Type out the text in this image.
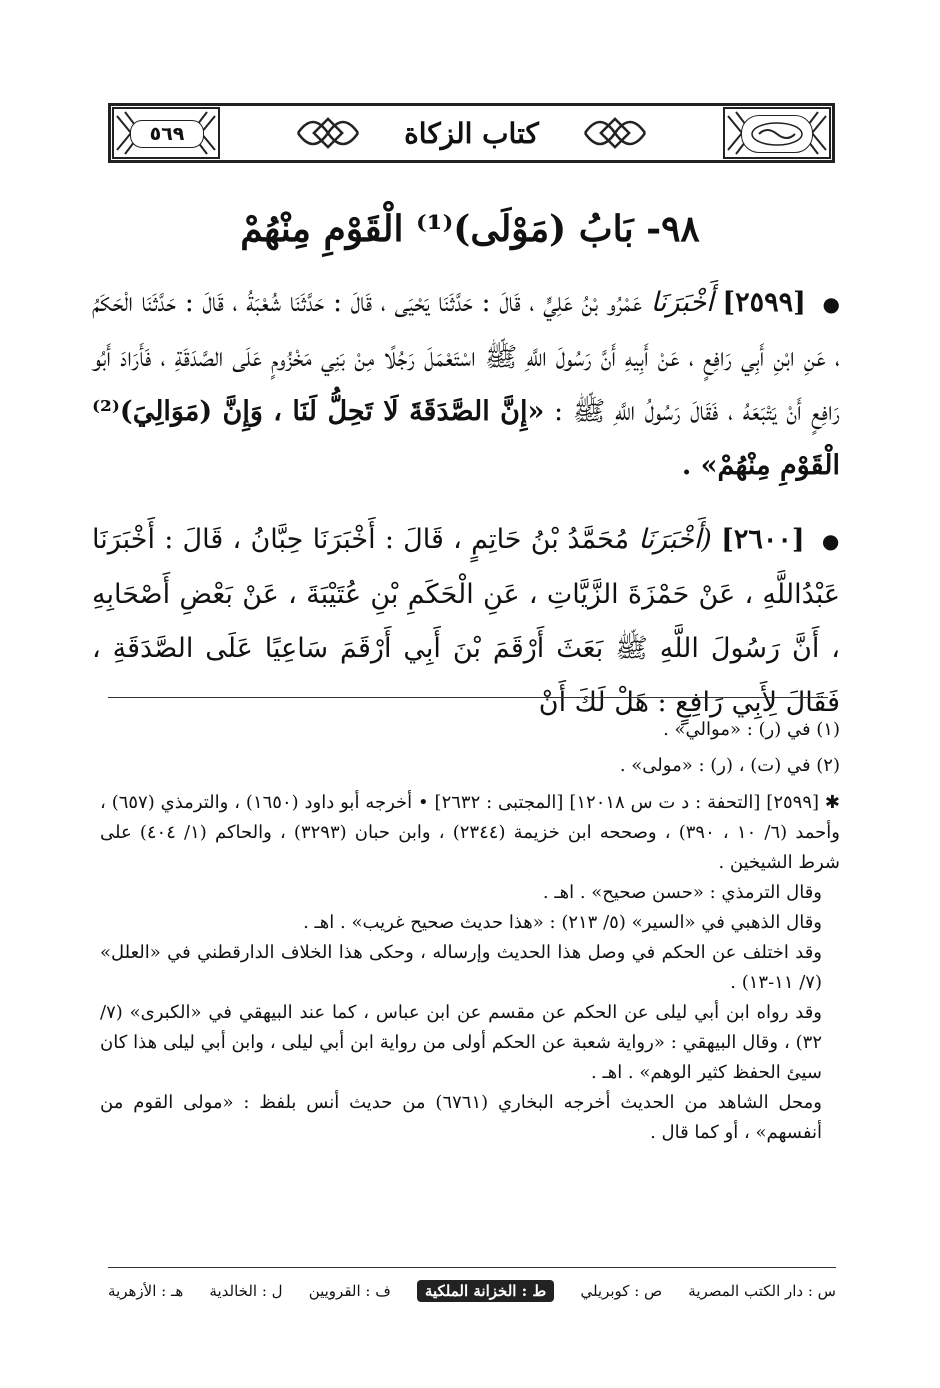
٥٦٩	كتاب الزكاة
٩٨- بَابُ (مَوْلَى)⁽¹⁾ الْقَوْمِ مِنْهُمْ
● [٢٥٩٩] أَخْبَرَنَا عَمْرُو بْنُ عَلِيٍّ ، قَالَ : حَدَّثَنَا يَحْيَى ، قَالَ : حَدَّثَنَا شُعْبَةُ ، قَالَ : حَدَّثَنَا الْحَكَمُ ، عَنِ ابْنِ أَبِي رَافِعٍ ، عَنْ أَبِيهِ أَنَّ رَسُولَ اللَّهِ ﷺ اسْتَعْمَلَ رَجُلًا مِنْ بَنِي مَخْزُومٍ عَلَى الصَّدَقَةِ ، فَأَرَادَ أَبُو رَافِعٍ أَنْ يَتْبَعَهُ ، فَقَالَ رَسُولُ اللَّهِ ﷺ : «إِنَّ الصَّدَقَةَ لَا تَحِلُّ لَنَا ، وَإِنَّ (مَوَالِيَ)⁽²⁾ الْقَوْمِ مِنْهُمْ» .
● [٢٦٠٠] (أَخْبَرَنَا مُحَمَّدُ بْنُ حَاتِمٍ ، قَالَ : أَخْبَرَنَا حِبَّانُ ، قَالَ : أَخْبَرَنَا عَبْدُاللَّهِ ، عَنْ حَمْزَةَ الزَّيَّاتِ ، عَنِ الْحَكَمِ بْنِ عُتَيْبَةَ ، عَنْ بَعْضِ أَصْحَابِهِ ، أَنَّ رَسُولَ اللَّهِ ﷺ بَعَثَ أَرْقَمَ بْنَ أَبِي أَرْقَمَ سَاعِيًا عَلَى الصَّدَقَةِ ، فَقَالَ لِأَبِي رَافِعٍ : هَلْ لَكَ أَنْ
(١) في (ر) : «موالي» .
(٢) في (ت) ، (ر) : «مولى» .

✱ [٢٥٩٩] [التحفة : د ت س ١٢٠١٨] [المجتبى : ٢٦٣٢] • أخرجه أبو داود (١٦٥٠) ، والترمذي (٦٥٧) ، وأحمد (٦/ ١٠ ، ٣٩٠) ، وصححه ابن خزيمة (٢٣٤٤) ، وابن حبان (٣٢٩٣) ، والحاكم (١/ ٤٠٤) على شرط الشيخين .

وقال الترمذي : «حسن صحيح» . اهـ .

وقال الذهبي في «السير» (٥/ ٢١٣) : «هذا حديث صحيح غريب» . اهـ .

وقد اختلف عن الحكم في وصل هذا الحديث وإرساله ، وحكى هذا الخلاف الدارقطني في «العلل» (٧/ ١١-١٣) .

وقد رواه ابن أبي ليلى عن الحكم عن مقسم عن ابن عباس ، كما عند البيهقي في «الكبرى» (٧/ ٣٢) ، وقال البيهقي : «رواية شعبة عن الحكم أولى من رواية ابن أبي ليلى ، وابن أبي ليلى هذا كان سيئ الحفظ كثير الوهم» . اهـ .

ومحل الشاهد من الحديث أخرجه البخاري (٦٧٦١) من حديث أنس بلفظ : «مولى القوم من أنفسهم» ، أو كما قال .

س : دار الكتب المصرية
ص : كوبريلي
ط : الخزانة الملكية
ف : القرويين
ل : الخالدية
هـ : الأزهرية
